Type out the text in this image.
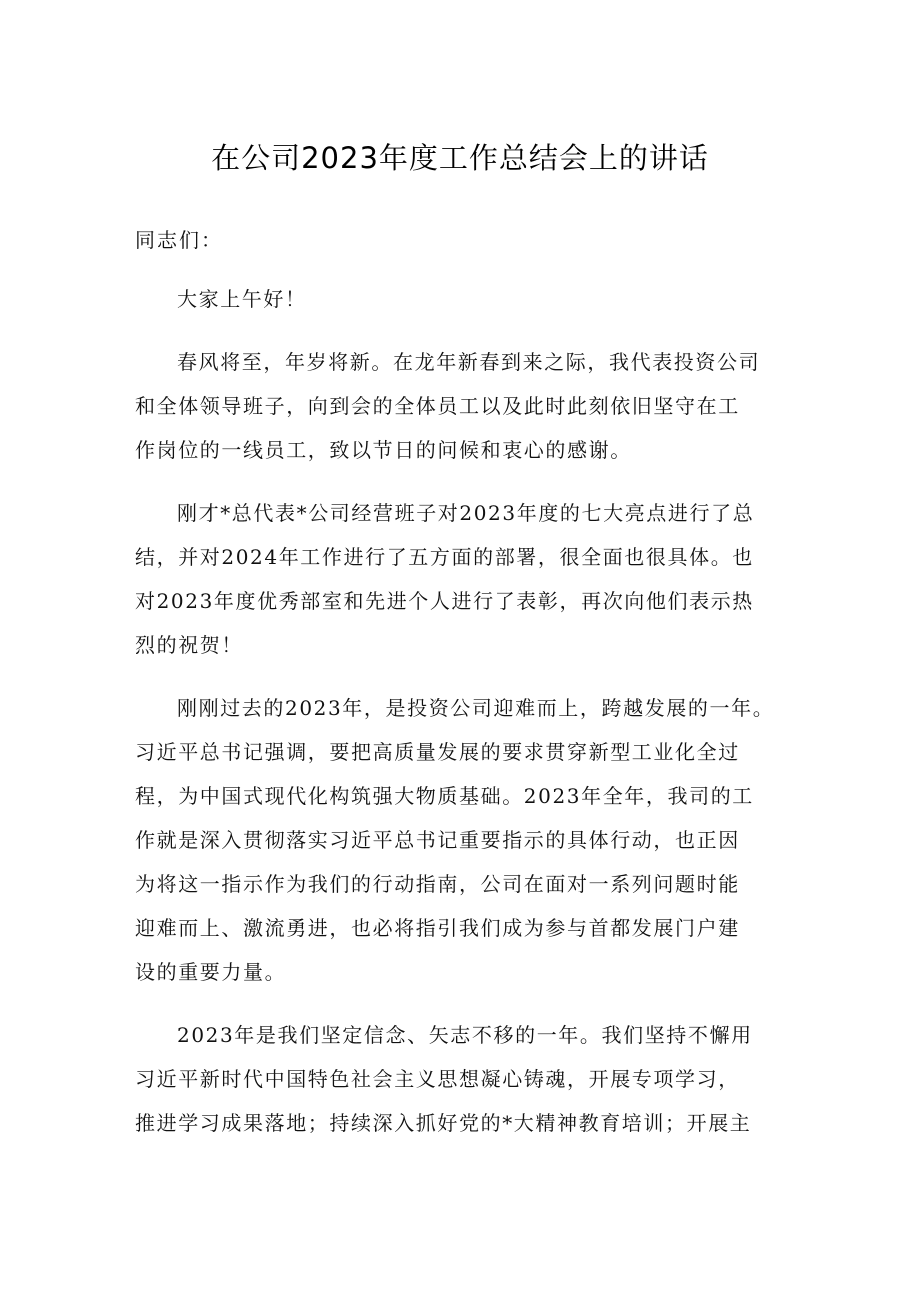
在公司2023年度工作总结会上的讲话
同志们：

大家上午好！

春风将至，年岁将新。在龙年新春到来之际，我代表投资公司
和全体领导班子，向到会的全体员工以及此时此刻依旧坚守在工
作岗位的一线员工，致以节日的问候和衷心的感谢。

刚才*总代表*公司经营班子对2023年度的七大亮点进行了总
结，并对2024年工作进行了五方面的部署，很全面也很具体。也
对2023年度优秀部室和先进个人进行了表彰，再次向他们表示热
烈的祝贺！

刚刚过去的2023年，是投资公司迎难而上，跨越发展的一年。
习近平总书记强调，要把高质量发展的要求贯穿新型工业化全过
程，为中国式现代化构筑强大物质基础。2023年全年，我司的工
作就是深入贯彻落实习近平总书记重要指示的具体行动，也正因
为将这一指示作为我们的行动指南，公司在面对一系列问题时能
迎难而上、激流勇进，也必将指引我们成为参与首都发展门户建
设的重要力量。

2023年是我们坚定信念、矢志不移的一年。我们坚持不懈用
习近平新时代中国特色社会主义思想凝心铸魂，开展专项学习，
推进学习成果落地；持续深入抓好党的*大精神教育培训；开展主
